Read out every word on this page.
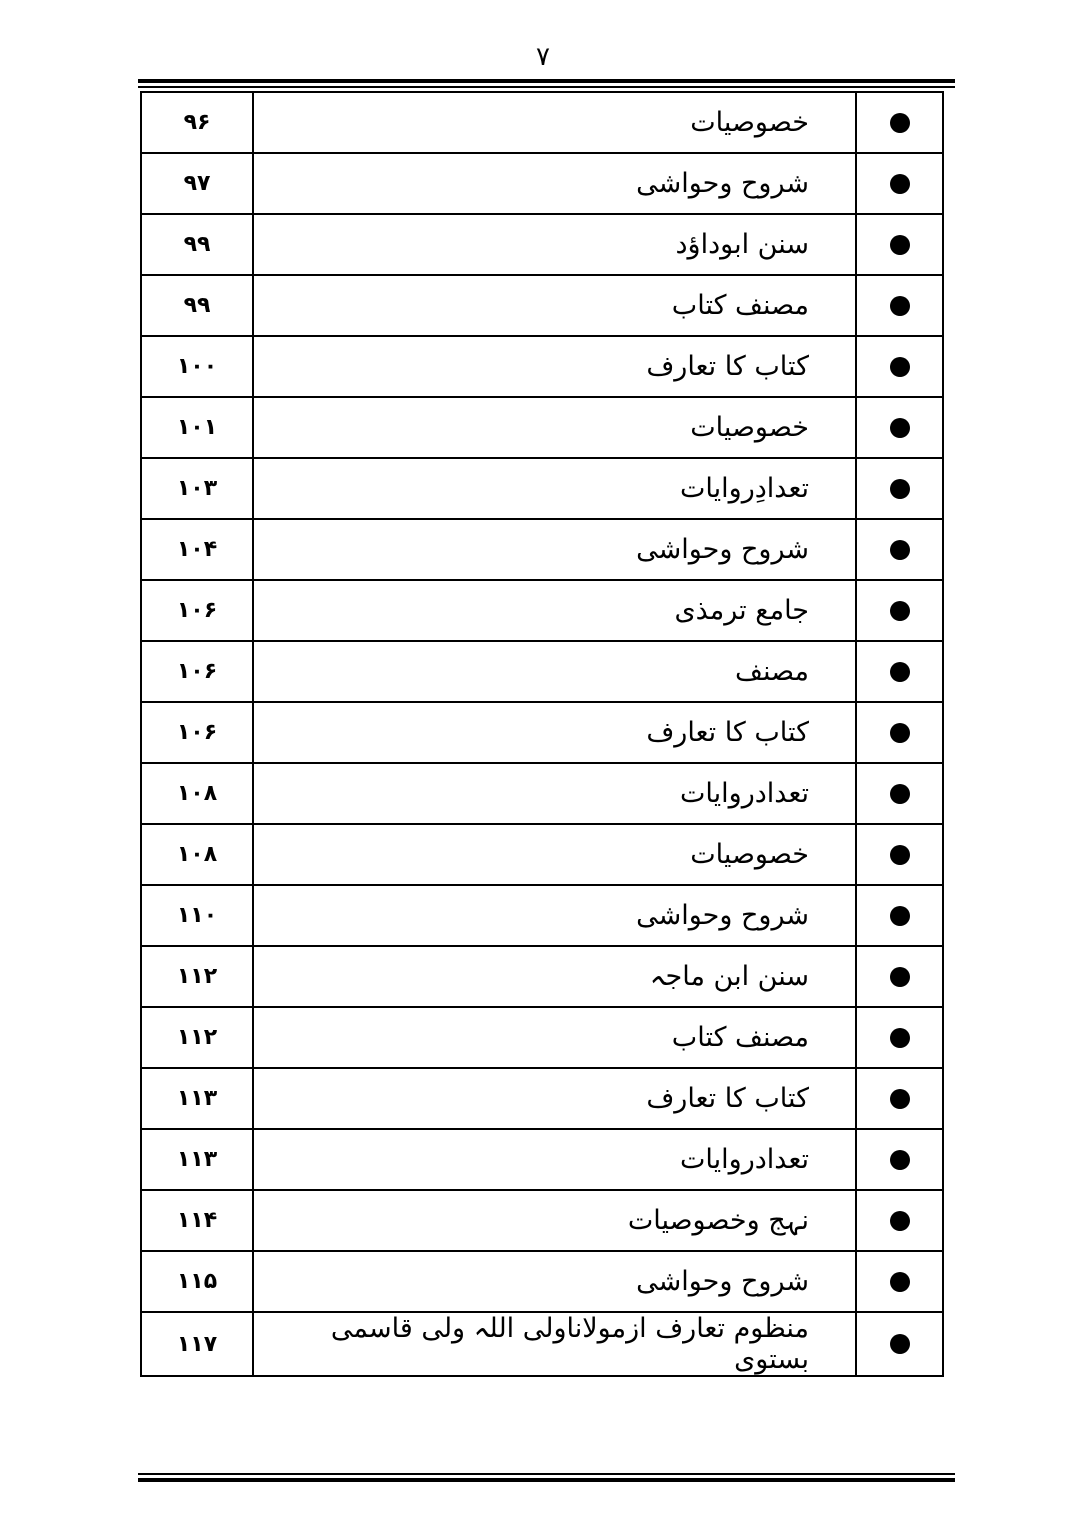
۷
۹۶	خصوصیات	
۹۷	شروح وحواشی	
۹۹	سنن ابوداؤد	
۹۹	مصنف کتاب	
۱۰۰	کتاب کا تعارف	
۱۰۱	خصوصیات	
۱۰۳	تعدادِروایات	
۱۰۴	شروح وحواشی	
۱۰۶	جامع ترمذی	
۱۰۶	مصنف	
۱۰۶	کتاب کا تعارف	
۱۰۸	تعدادروایات	
۱۰۸	خصوصیات	
۱۱۰	شروح وحواشی	
۱۱۲	سنن ابن ماجہ	
۱۱۲	مصنف کتاب	
۱۱۳	کتاب کا تعارف	
۱۱۳	تعدادروایات	
۱۱۴	نہج وخصوصیات	
۱۱۵	شروح وحواشی	
۱۱۷	منظوم تعارف ازمولاناولی اللہ ولی قاسمی بستوی	
